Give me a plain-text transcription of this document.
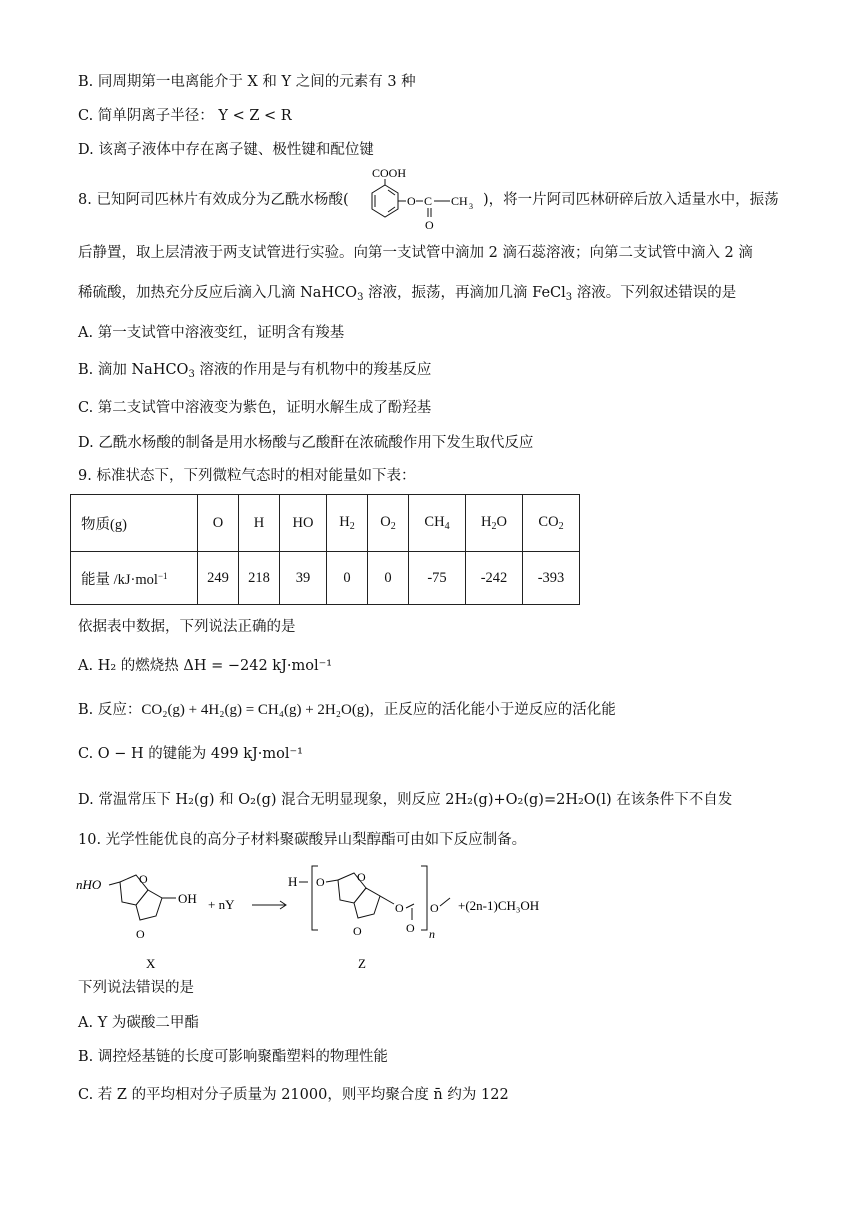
B. 同周期第一电离能介于 X 和 Y 之间的元素有 3 种
C. 简单阴离子半径： Y < Z < R
D. 该离子液体中存在离子键、极性键和配位键
COOH
O C
O
CH 3
8. 已知阿司匹林片有效成分为乙酰水杨酸(	)，将一片阿司匹林研碎后放入适量水中，振荡
后静置，取上层清液于两支试管进行实验。向第一支试管中滴加 2 滴石蕊溶液；向第二支试管中滴入 2 滴
稀硫酸，加热充分反应后滴入几滴 NaHCO$_3$ 溶液，振荡，再滴加几滴 FeCl$_3$ 溶液。下列叙述错误的是
A. 第一支试管中溶液变红，证明含有羧基
B. 滴加 NaHCO$_3$ 溶液的作用是与有机物中的羧基反应
C. 第二支试管中溶液变为紫色，证明水解生成了酚羟基
D. 乙酰水杨酸的制备是用水杨酸与乙酸酐在浓硫酸作用下发生取代反应
9. 标准状态下，下列微粒气态时的相对能量如下表：
物质(g)	O	H	HO	$H_2$	$O_2$	$CH_4$	$H_2O$	$CO_2$
能量 /kJ·mol$^{-1}$	249	218	39	0	0	-75	-242	-393
依据表中数据，下列说法正确的是
A. H₂ 的燃烧热 ΔH = −242 kJ·mol⁻¹
B. 反应：CO₂(g) + 4H₂(g) = CH₄(g) + 2H₂O(g)，正反应的活化能小于逆反应的活化能
C. O − H 的键能为 499 kJ·mol⁻¹
D. 常温常压下 H₂(g) 和 O₂(g) 混合无明显现象，则反应 2H₂(g)+O₂(g)=2H₂O(l) 在该条件下不自发
10. 光学性能优良的高分子材料聚碳酸异山梨醇酯可由如下反应制备。
nHO	O
O
OH + nY
H O	O
O
O
O n
O +(2n-1)CH₃OH
X	Z
下列说法错误的是
A. Y 为碳酸二甲酯
B. 调控烃基链的长度可影响聚酯塑料的物理性能
C. 若 Z 的平均相对分子质量为 21000，则平均聚合度 n̄ 约为 122
